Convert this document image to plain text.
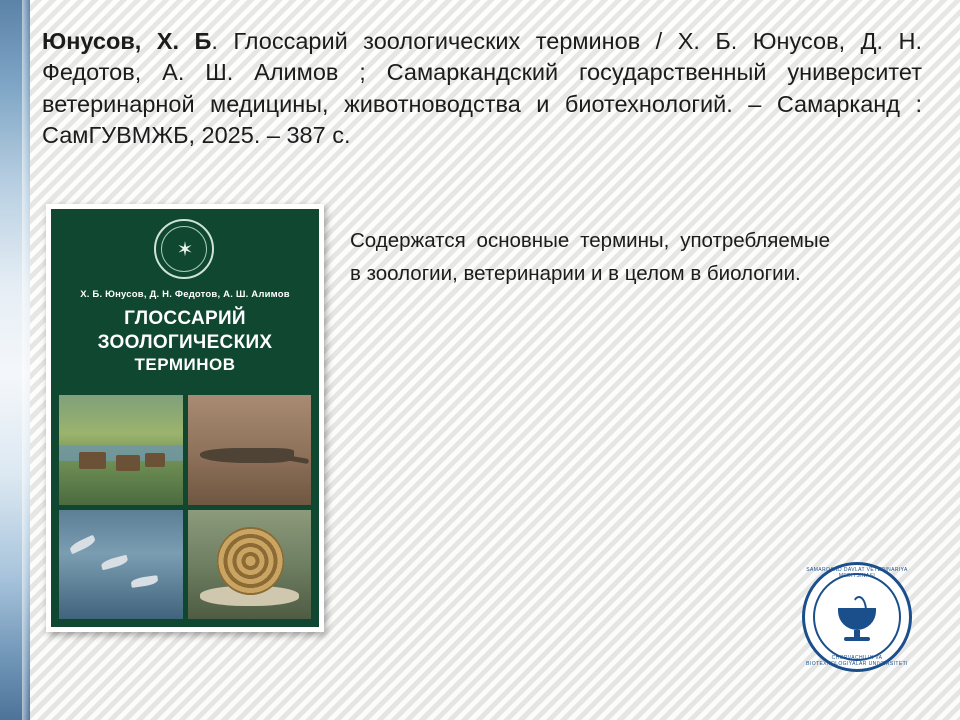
Юнусов, Х. Б. Глоссарий зоологических терминов / Х. Б. Юнусов, Д. Н. Федотов, А. Ш. Алимов ; Самаркандский государственный университет ветеринарной медицины, животноводства и биотехнологий. – Самарканд : СамГУВМЖБ, 2025. – 387 с.
✶
Х. Б. Юнусов, Д. Н. Федотов, А. Ш. Алимов
ГЛОССАРИЙ ЗООЛОГИЧЕСКИХ
ТЕРМИНОВ
Содержатся основные термины, употребляемые в зоологии, ветеринарии и в целом в биологии.
SAMARQAND DAVLAT VETERINARIYA MEDITSINASI
CHORVACHILIK VA BIOTEXNOLOGIYALAR UNIVERSITETI
